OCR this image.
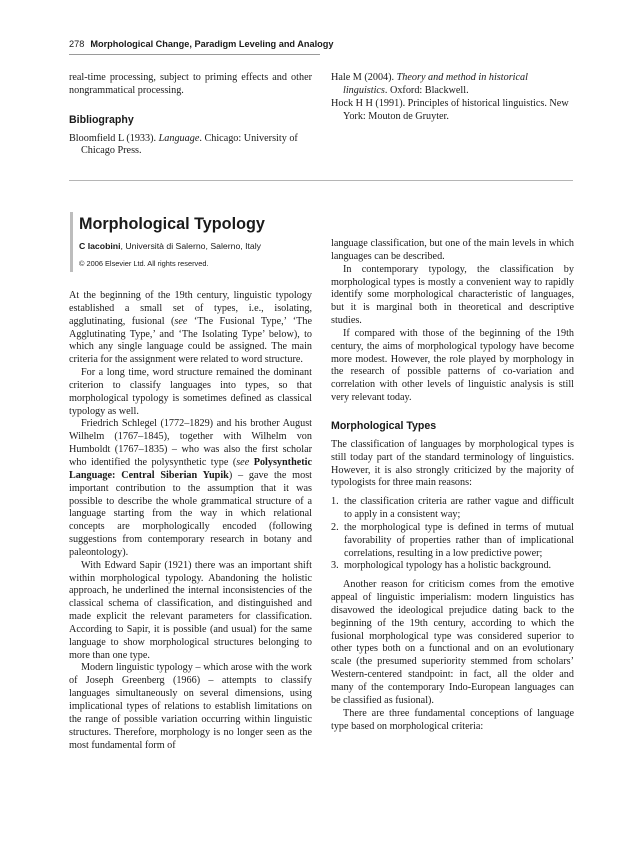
278 Morphological Change, Paradigm Leveling and Analogy

real-time processing, subject to priming effects and other nongrammatical processing.

Bibliography

Bloomfield L (1933). Language. Chicago: University of Chicago Press.

Hale M (2004). Theory and method in historical linguistics. Oxford: Blackwell.

Hock H H (1991). Principles of historical linguistics. New York: Mouton de Gruyter.

Morphological Typology

C Iacobini, Università di Salerno, Salerno, Italy

© 2006 Elsevier Ltd. All rights reserved.

At the beginning of the 19th century, linguistic typology established a small set of types, i.e., isolating, agglutinating, fusional (see ‘The Fusional Type,’ ‘The Agglutinating Type,’ and ‘The Isolating Type’ below), to which any single language could be assigned. The main criteria for the assignment were related to word structure.

For a long time, word structure remained the dominant criterion to classify languages into types, so that morphological typology is sometimes defined as classical typology as well.

Friedrich Schlegel (1772–1829) and his brother August Wilhelm (1767–1845), together with Wilhelm von Humboldt (1767–1835) – who was also the first scholar who identified the polysynthetic type (see Polysynthetic Language: Central Siberian Yupik) – gave the most important contribution to the assumption that it was possible to describe the whole grammatical structure of a language starting from the way in which relational concepts are morphologically encoded (following suggestions from contemporary research in botany and paleontology).

With Edward Sapir (1921) there was an important shift within morphological typology. Abandoning the holistic approach, he underlined the internal inconsistencies of the classical schema of classification, and distinguished and made explicit the relevant parameters for classification. According to Sapir, it is possible (and usual) for the same language to show morphological structures belonging to more than one type.

Modern linguistic typology – which arose with the work of Joseph Greenberg (1966) – attempts to classify languages simultaneously on several dimensions, using implicational types of relations to establish limitations on the range of possible variation occurring within linguistic structures. Therefore, morphology is no longer seen as the most fundamental form of

language classification, but one of the main levels in which languages can be described.

In contemporary typology, the classification by morphological types is mostly a convenient way to rapidly identify some morphological characteristic of languages, but it is marginal both in theoretical and descriptive studies.

If compared with those of the beginning of the 19th century, the aims of morphological typology have become more modest. However, the role played by morphology in the research of possible patterns of co-variation and correlation with other levels of linguistic analysis is still very relevant today.

Morphological Types

The classification of languages by morphological types is still today part of the standard terminology of linguistics. However, it is also strongly criticized by the majority of typologists for three main reasons:

1. the classification criteria are rather vague and difficult to apply in a consistent way;
2. the morphological type is defined in terms of mutual favorability of properties rather than of implicational correlations, resulting in a low predictive power;
3. morphological typology has a holistic background.

Another reason for criticism comes from the emotive appeal of linguistic imperialism: modern linguistics has disavowed the ideological prejudice dating back to the beginning of the 19th century, according to which the fusional morphological type was considered superior to other types both on a functional and on an evolutionary scale (the presumed superiority stemmed from scholars’ Western-centered standpoint: in fact, all the older and many of the contemporary Indo-European languages can be classified as fusional).

There are three fundamental conceptions of language type based on morphological criteria:
